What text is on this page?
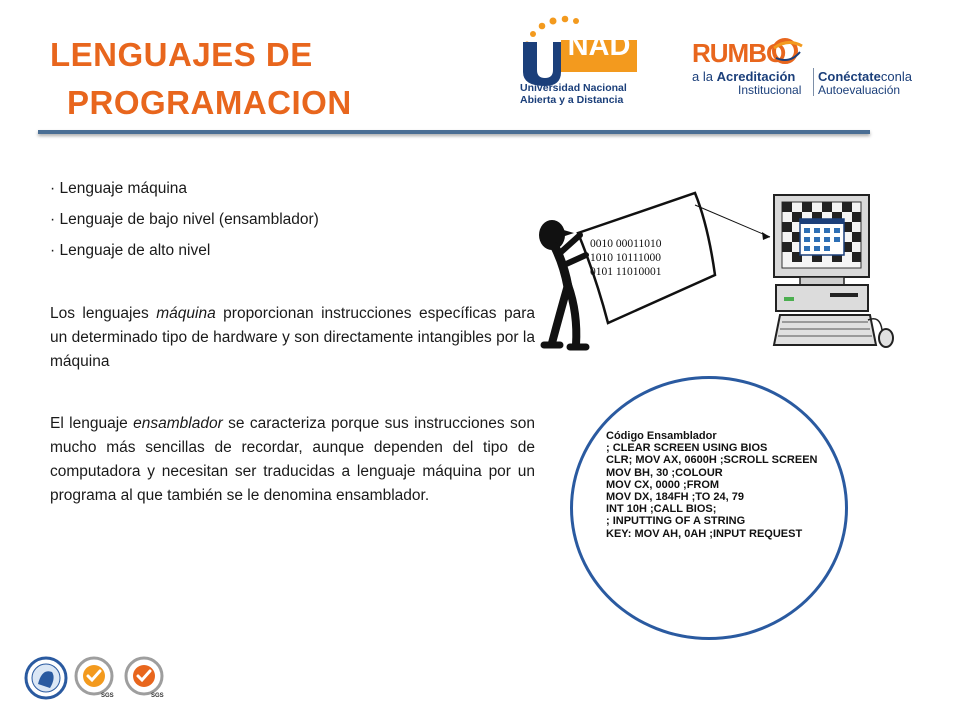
LENGUAJES DE
PROGRAMACION
NAD
Universidad Nacional
Abierta y a Distancia
RUMBO
a la Acreditación
Institucional
Conéctateconla
Autoevaluación
· Lenguaje máquina
· Lenguaje de bajo nivel (ensamblador)
· Lenguaje de alto nivel
Los lenguajes máquina proporcionan instrucciones específicas para un determinado tipo de hardware y son directamente intangibles por la máquina
El lenguaje ensamblador se caracteriza porque sus instrucciones son mucho más sencillas de recordar, aunque dependen del tipo de computadora y necesitan ser traducidas a lenguaje máquina por un programa al que también se le denomina ensamblador.
0010 00011010
1010 10111000
0101 11010001
Código Ensamblador
; CLEAR SCREEN USING BIOS
CLR; MOV AX, 0600H ;SCROLL SCREEN
MOV BH, 30 ;COLOUR
MOV CX, 0000 ;FROM
MOV DX, 184FH ;TO 24, 79
INT 10H ;CALL BIOS;
; INPUTTING OF A STRING
KEY: MOV AH, 0AH ;INPUT REQUEST
SGS	SGS
